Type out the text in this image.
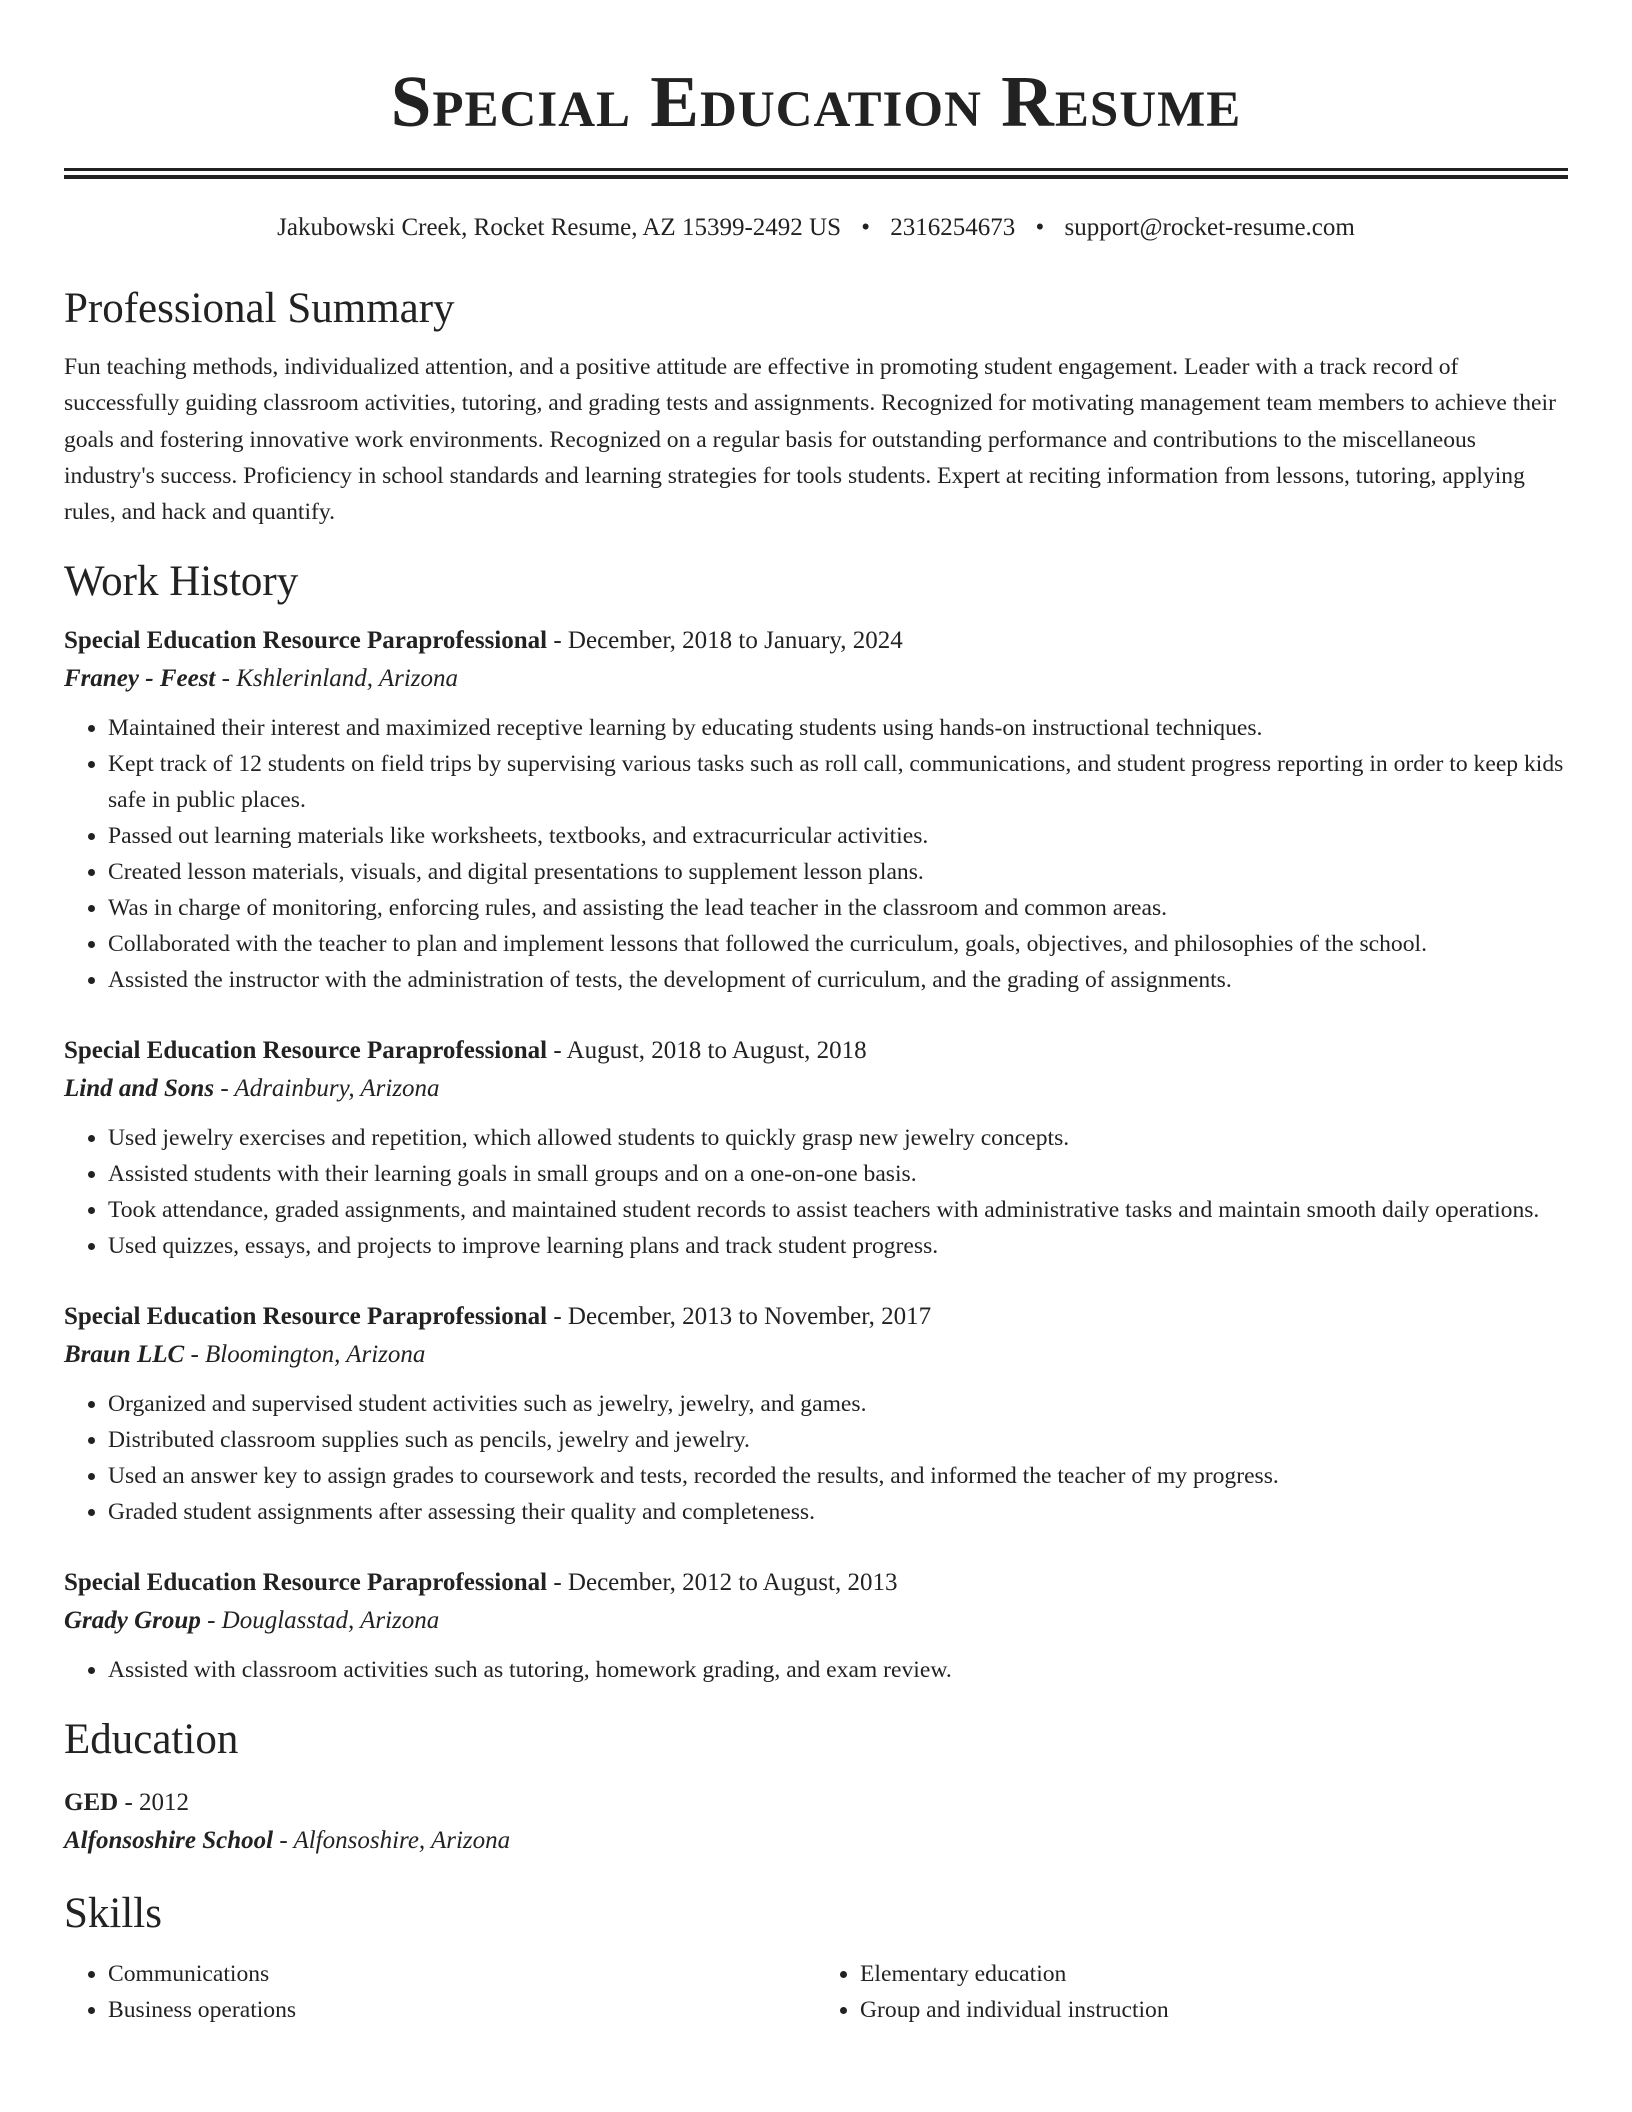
Special Education Resume
Jakubowski Creek, Rocket Resume, AZ 15399-2492 US • 2316254673 • support@rocket-resume.com
Professional Summary

Fun teaching methods, individualized attention, and a positive attitude are effective in promoting student engagement. Leader with a track record of successfully guiding classroom activities, tutoring, and grading tests and assignments. Recognized for motivating management team members to achieve their goals and fostering innovative work environments. Recognized on a regular basis for outstanding performance and contributions to the miscellaneous industry's success. Proficiency in school standards and learning strategies for tools students. Expert at reciting information from lessons, tutoring, applying rules, and hack and quantify.

Work History
Special Education Resource Paraprofessional - December, 2018 to January, 2024
Franey - Feest - Kshlerinland, Arizona
• Maintained their interest and maximized receptive learning by educating students using hands-on instructional techniques.
• Kept track of 12 students on field trips by supervising various tasks such as roll call, communications, and student progress reporting in order to keep kids safe in public places.
• Passed out learning materials like worksheets, textbooks, and extracurricular activities.
• Created lesson materials, visuals, and digital presentations to supplement lesson plans.
• Was in charge of monitoring, enforcing rules, and assisting the lead teacher in the classroom and common areas.
• Collaborated with the teacher to plan and implement lessons that followed the curriculum, goals, objectives, and philosophies of the school.
• Assisted the instructor with the administration of tests, the development of curriculum, and the grading of assignments.
Special Education Resource Paraprofessional - August, 2018 to August, 2018
Lind and Sons - Adrainbury, Arizona
• Used jewelry exercises and repetition, which allowed students to quickly grasp new jewelry concepts.
• Assisted students with their learning goals in small groups and on a one-on-one basis.
• Took attendance, graded assignments, and maintained student records to assist teachers with administrative tasks and maintain smooth daily operations.
• Used quizzes, essays, and projects to improve learning plans and track student progress.
Special Education Resource Paraprofessional - December, 2013 to November, 2017
Braun LLC - Bloomington, Arizona
• Organized and supervised student activities such as jewelry, jewelry, and games.
• Distributed classroom supplies such as pencils, jewelry and jewelry.
• Used an answer key to assign grades to coursework and tests, recorded the results, and informed the teacher of my progress.
• Graded student assignments after assessing their quality and completeness.
Special Education Resource Paraprofessional - December, 2012 to August, 2013
Grady Group - Douglasstad, Arizona
• Assisted with classroom activities such as tutoring, homework grading, and exam review.
Education
GED - 2012
Alfonsoshire School - Alfonsoshire, Arizona
Skills
• Communications
• Business operations
• Elementary education
• Group and individual instruction
